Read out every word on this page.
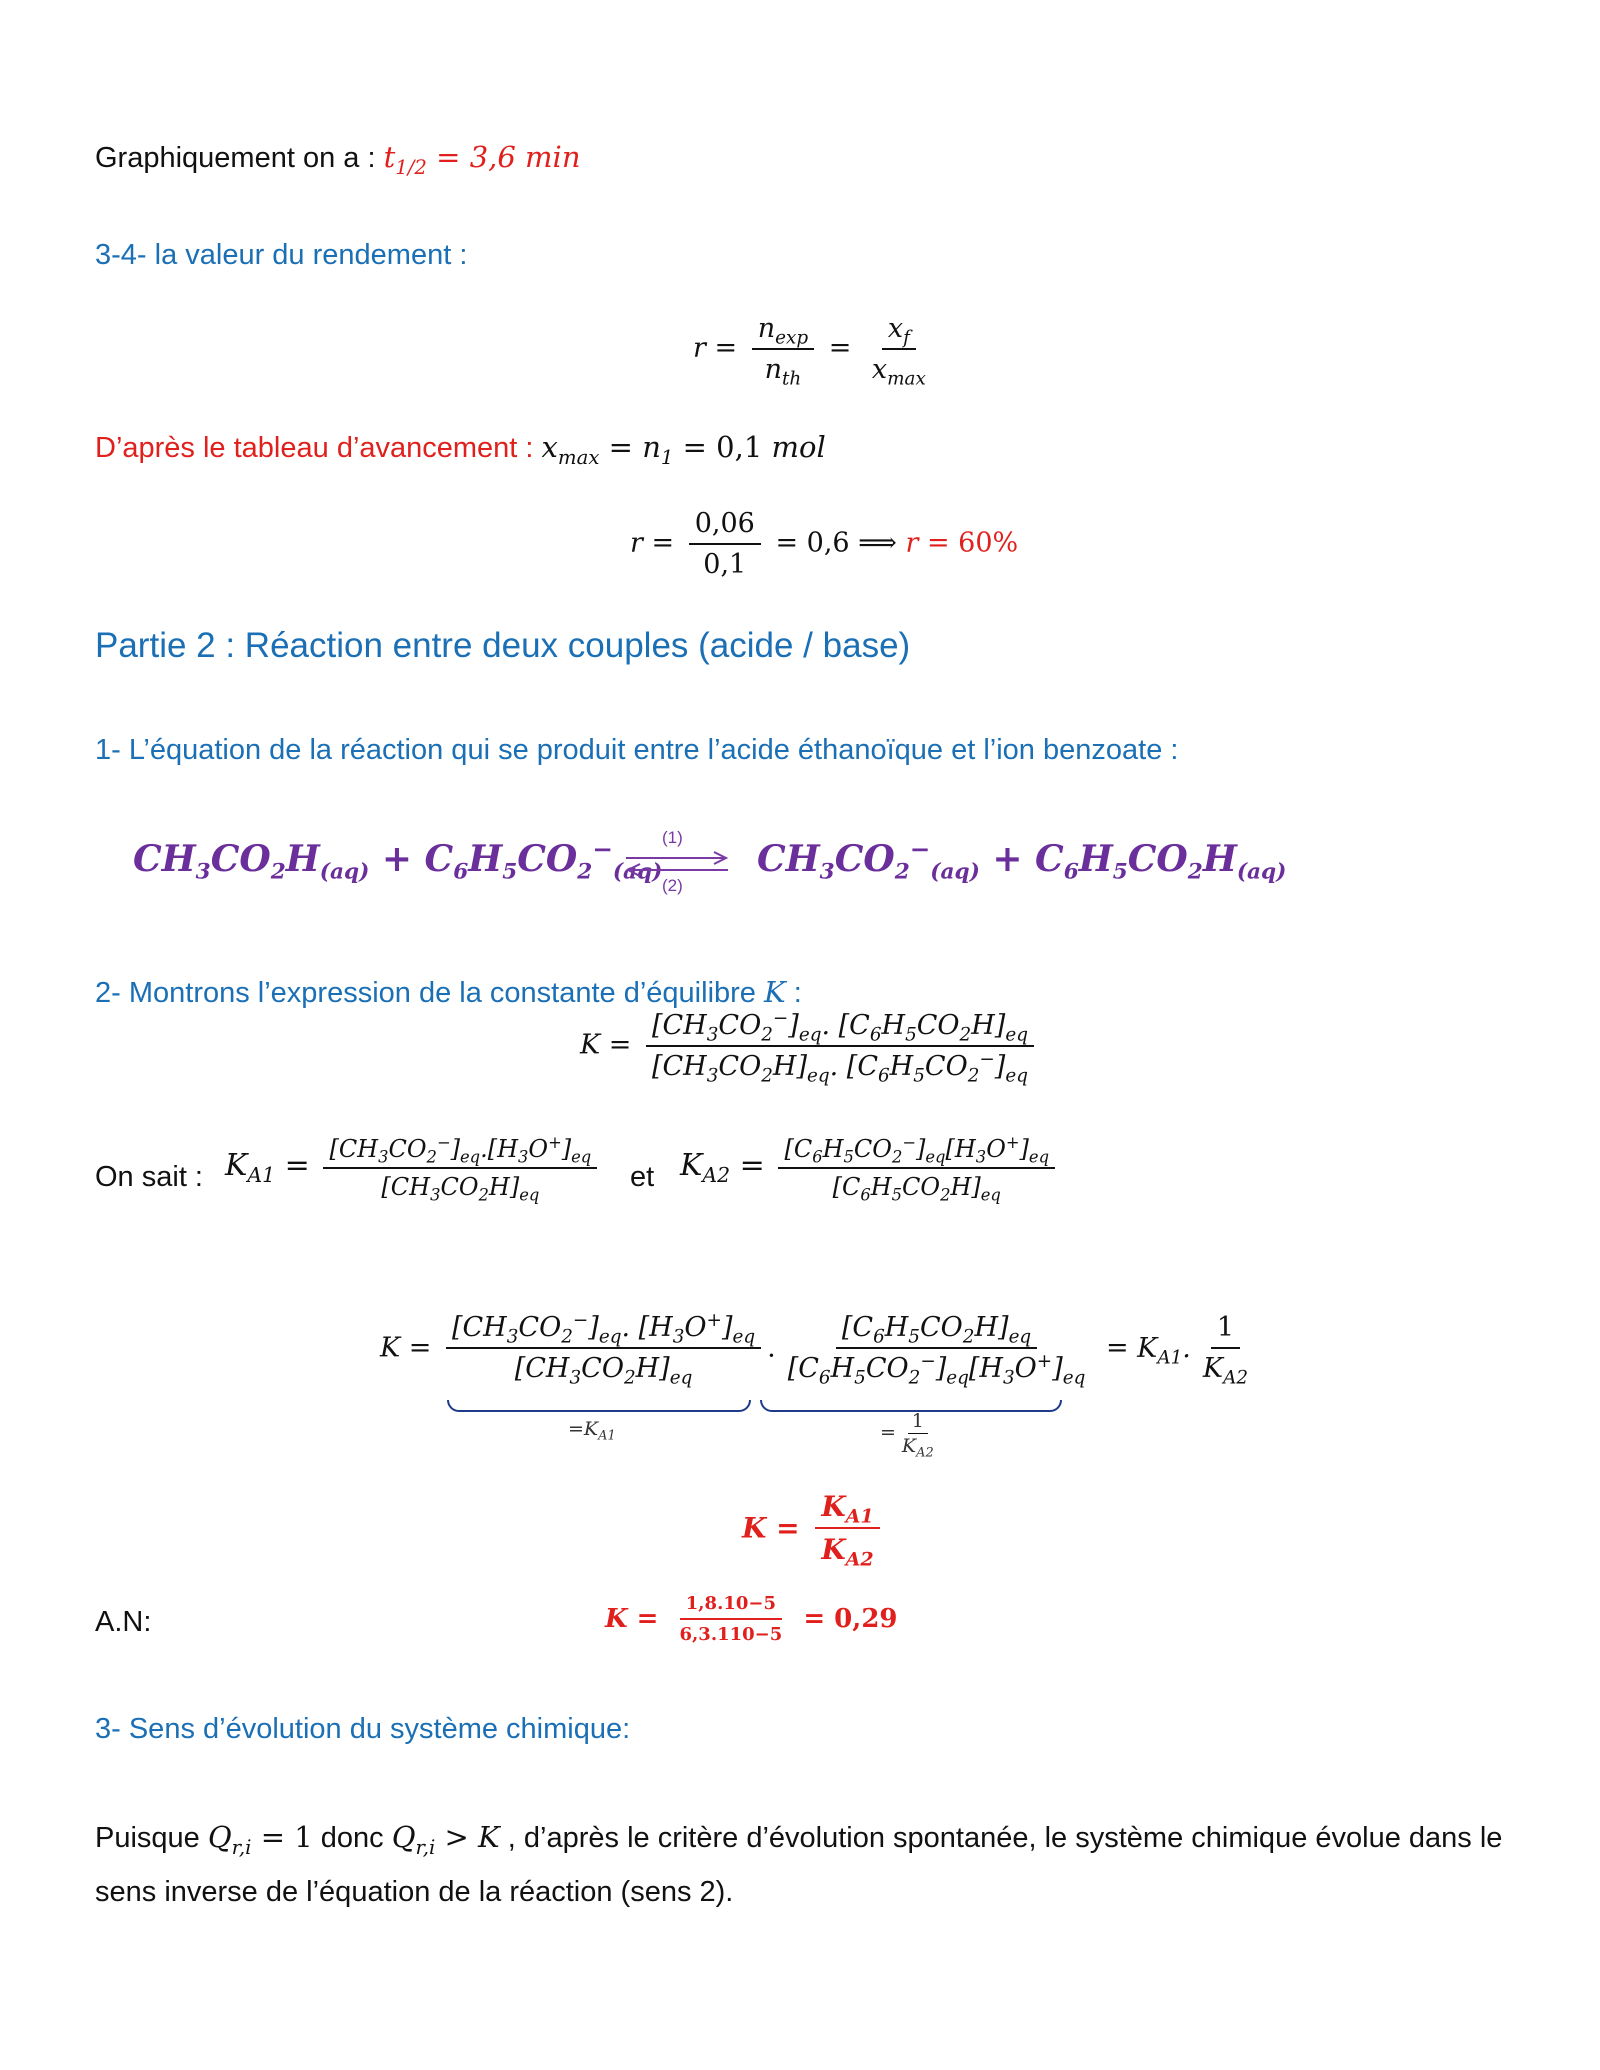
Graphiquement on a : $t_{1/2} = 3,6$ min
3-4- la valeur du rendement :
$r = \frac{n_{exp}}{n_{th}} = \frac{x_f}{x_{max}}$
D’après le tableau d’avancement : $x_{max} = n_1 = 0,1$ mol
$r = \frac{0,06}{0,1} = 0,6$ ⟹ r = 60%
Partie 2 : Réaction entre deux couples (acide / base)
1- L’équation de la réaction qui se produit entre l’acide éthanoïque et l’ion benzoate :
$CH_3CO_2H_{(aq)} + C_6H_5CO_2^-_{(aq)}$
(1)
(2)
$CH_3CO_2^-_{(aq)} + C_6H_5CO_2H_{(aq)}$
2- Montrons l’expression de la constante d’équilibre K :
$K = \frac{[CH_3CO_2^-]_{eq}. [C_6H_5CO_2H]_{eq}}{[CH_3CO_2H]_{eq}. [C_6H_5CO_2^-]_{eq}}$
On sait : $K_{A1} = \frac{[CH_3CO_2^-]_{eq}.[H_3O^+]_{eq}}{[CH_3CO_2H]_{eq}}$ et $K_{A2} = \frac{[C_6H_5CO_2^-]_{eq}[H_3O^+]_{eq}}{[C_6H_5CO_2H]_{eq}}$
$K = \frac{[CH_3CO_2^-]_{eq}. [H_3O^+]_{eq}}{[CH_3CO_2H]_{eq}}$ . $\frac{[C_6H_5CO_2H]_{eq}}{[C_6H_5CO_2^-]_{eq}[H_3O^+]_{eq}} = K_{A1}$. $\frac{1}{K_{A2}}$
$=K_{A1}$	= $\frac{1}{K_{A2}}$
$K = \frac{K_{A1}}{K_{A2}}$
A.N:	$K = \frac{1,8.10-5}{6,3.110-5} = 0,29$
3- Sens d’évolution du système chimique:
Puisque $Q_{r,i} = 1$ donc $Q_{r,i} > K$ , d’après le critère d’évolution spontanée, le système chimique évolue dans le
sens inverse de l’équation de la réaction (sens 2).
